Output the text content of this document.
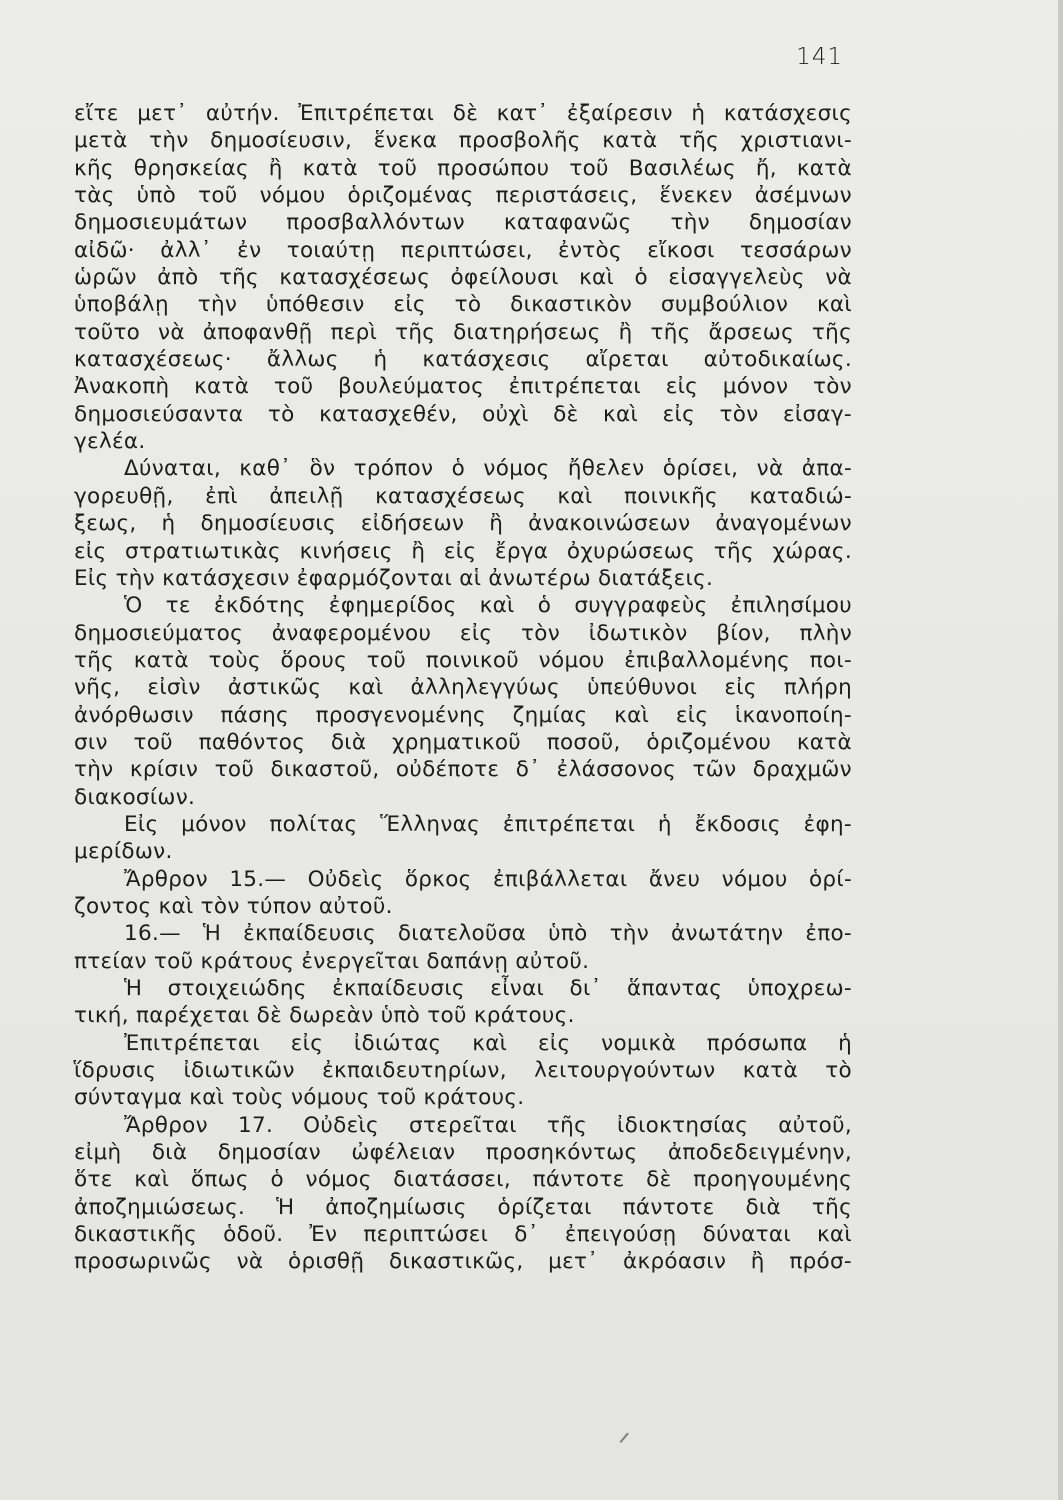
141
εἴτε μετ᾿ αὐτήν. Ἐπιτρέπεται δὲ κατ᾿ ἐξαίρεσιν ἡ κατάσχεσις
μετὰ τὴν δημοσίευσιν, ἕνεκα προσβολῆς κατὰ τῆς χριστιανι-
κῆς θρησκείας ἢ κατὰ τοῦ προσώπου τοῦ Βασιλέως ἤ, κατὰ
τὰς ὑπὸ τοῦ νόμου ὁριζομένας περιστάσεις, ἕνεκεν ἀσέμνων
δημοσιευμάτων προσβαλλόντων καταφανῶς τὴν δημοσίαν
αἰδῶ· ἀλλ᾿ ἐν τοιαύτῃ περιπτώσει, ἐντὸς εἴκοσι τεσσάρων
ὡρῶν ἀπὸ τῆς κατασχέσεως ὀφείλουσι καὶ ὁ εἰσαγγελεὺς νὰ
ὑποβάλῃ τὴν ὑπόθεσιν εἰς τὸ δικαστικὸν συμβούλιον καὶ
τοῦτο νὰ ἀποφανθῇ περὶ τῆς διατηρήσεως ἢ τῆς ἄρσεως τῆς
κατασχέσεως· ἄλλως ἡ κατάσχεσις αἴρεται αὐτοδικαίως.
Ἀνακοπὴ κατὰ τοῦ βουλεύματος ἐπιτρέπεται εἰς μόνον τὸν
δημοσιεύσαντα τὸ κατασχεθέν, οὐχὶ δὲ καὶ εἰς τὸν εἰσαγ-
γελέα.
Δύναται, καθ᾿ ὃν τρόπον ὁ νόμος ἤθελεν ὁρίσει, νὰ ἀπα-
γορευθῇ, ἐπὶ ἀπειλῇ κατασχέσεως καὶ ποινικῆς καταδιώ-
ξεως, ἡ δημοσίευσις εἰδήσεων ἢ ἀνακοινώσεων ἀναγομένων
εἰς στρατιωτικὰς κινήσεις ἢ εἰς ἔργα ὀχυρώσεως τῆς χώρας.
Εἰς τὴν κατάσχεσιν ἐφαρμόζονται αἱ ἀνωτέρω διατάξεις.
Ὁ τε ἐκδότης ἐφημερίδος καὶ ὁ συγγραφεὺς ἐπιλησίμου
δημοσιεύματος ἀναφερομένου εἰς τὸν ἰδωτικὸν βίον, πλὴν
τῆς κατὰ τοὺς ὅρους τοῦ ποινικοῦ νόμου ἐπιβαλλομένης ποι-
νῆς, εἰσὶν ἀστικῶς καὶ ἀλληλεγγύως ὑπεύθυνοι εἰς πλήρη
ἀνόρθωσιν πάσης προσγενομένης ζημίας καὶ εἰς ἱκανοποίη-
σιν τοῦ παθόντος διὰ χρηματικοῦ ποσοῦ, ὁριζομένου κατὰ
τὴν κρίσιν τοῦ δικαστοῦ, οὐδέποτε δ᾿ ἐλάσσονος τῶν δραχμῶν
διακοσίων.
Εἰς μόνον πολίτας Ἕλληνας ἐπιτρέπεται ἡ ἔκδοσις ἐφη-
μερίδων.
Ἄρθρον 15.— Οὐδεὶς ὅρκος ἐπιβάλλεται ἄνευ νόμου ὁρί-
ζοντος καὶ τὸν τύπον αὐτοῦ.
16.— Ἡ ἐκπαίδευσις διατελοῦσα ὑπὸ τὴν ἀνωτάτην ἐπο-
πτείαν τοῦ κράτους ἐνεργεῖται δαπάνῃ αὐτοῦ.
Ἡ στοιχειώδης ἐκπαίδευσις εἶναι δι᾿ ἅπαντας ὑποχρεω-
τική, παρέχεται δὲ δωρεὰν ὑπὸ τοῦ κράτους.
Ἐπιτρέπεται εἰς ἰδιώτας καὶ εἰς νομικὰ πρόσωπα ἡ
ἵδρυσις ἰδιωτικῶν ἐκπαιδευτηρίων, λειτουργούντων κατὰ τὸ
σύνταγμα καὶ τοὺς νόμους τοῦ κράτους.
Ἄρθρον 17. Οὐδεὶς στερεῖται τῆς ἰδιοκτησίας αὐτοῦ,
εἰμὴ διὰ δημοσίαν ὠφέλειαν προσηκόντως ἀποδεδειγμένην,
ὅτε καὶ ὅπως ὁ νόμος διατάσσει, πάντοτε δὲ προηγουμένης
ἀποζημιώσεως. Ἡ ἀποζημίωσις ὁρίζεται πάντοτε διὰ τῆς
δικαστικῆς ὁδοῦ. Ἐν περιπτώσει δ᾿ ἐπειγούσῃ δύναται καὶ
προσωρινῶς νὰ ὁρισθῇ δικαστικῶς, μετ᾿ ἀκρόασιν ἢ πρόσ-
